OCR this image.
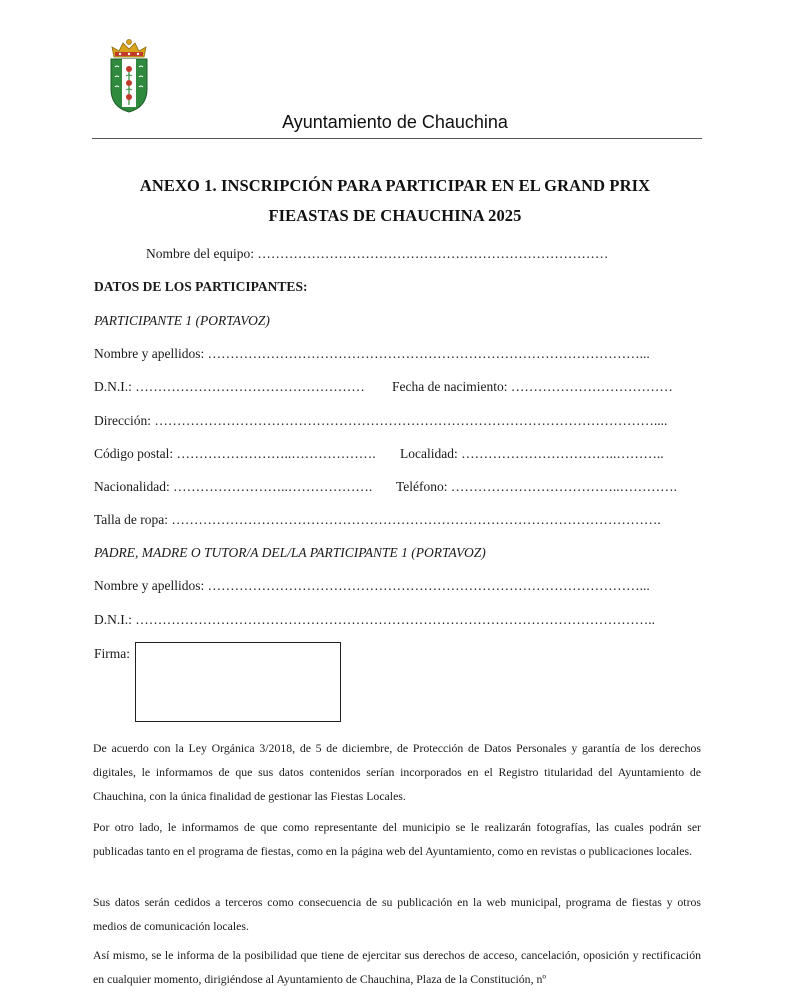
Ayuntamiento de Chauchina
ANEXO 1. INSCRIPCIÓN PARA PARTICIPAR EN EL GRAND PRIX
FIEASTAS DE CHAUCHINA 2025
Nombre del equipo: ……………………………………………………………………
DATOS DE LOS PARTICIPANTES:
PARTICIPANTE 1 (PORTAVOZ)
Nombre y apellidos: ……………………………………………………………………………………...
D.N.I.: …………………………………………… Fecha de nacimiento: ………………………………
Dirección: …………………………………………………………………………………………………....
Código postal: ……………………..………………. Localidad: ……………………………..………..
Nacionalidad: ……………………..………………. Teléfono: ………………………………..………….
Talla de ropa: ……………………………………………………………………………………………….
PADRE, MADRE O TUTOR/A DEL/LA PARTICIPANTE 1 (PORTAVOZ)
Nombre y apellidos: ……………………………………………………………………………………...
D.N.I.: ……………………………………………………………………………………………………..
Firma:

De acuerdo con la Ley Orgánica 3/2018, de 5 de diciembre, de Protección de Datos Personales y garantía de los derechos digitales, le informamos de que sus datos contenidos serían incorporados en el Registro titularidad del Ayuntamiento de Chauchina, con la única finalidad de gestionar las Fiestas Locales.

Por otro lado, le informamos de que como representante del municipio se le realizarán fotografías, las cuales podrán ser publicadas tanto en el programa de fiestas, como en la página web del Ayuntamiento, como en revistas o publicaciones locales.

Sus datos serán cedidos a terceros como consecuencia de su publicación en la web municipal, programa de fiestas y otros medios de comunicación locales.

Así mismo, se le informa de la posibilidad que tiene de ejercitar sus derechos de acceso, cancelación, oposición y rectificación en cualquier momento, dirigiéndose al Ayuntamiento de Chauchina, Plaza de la Constitución, nº
